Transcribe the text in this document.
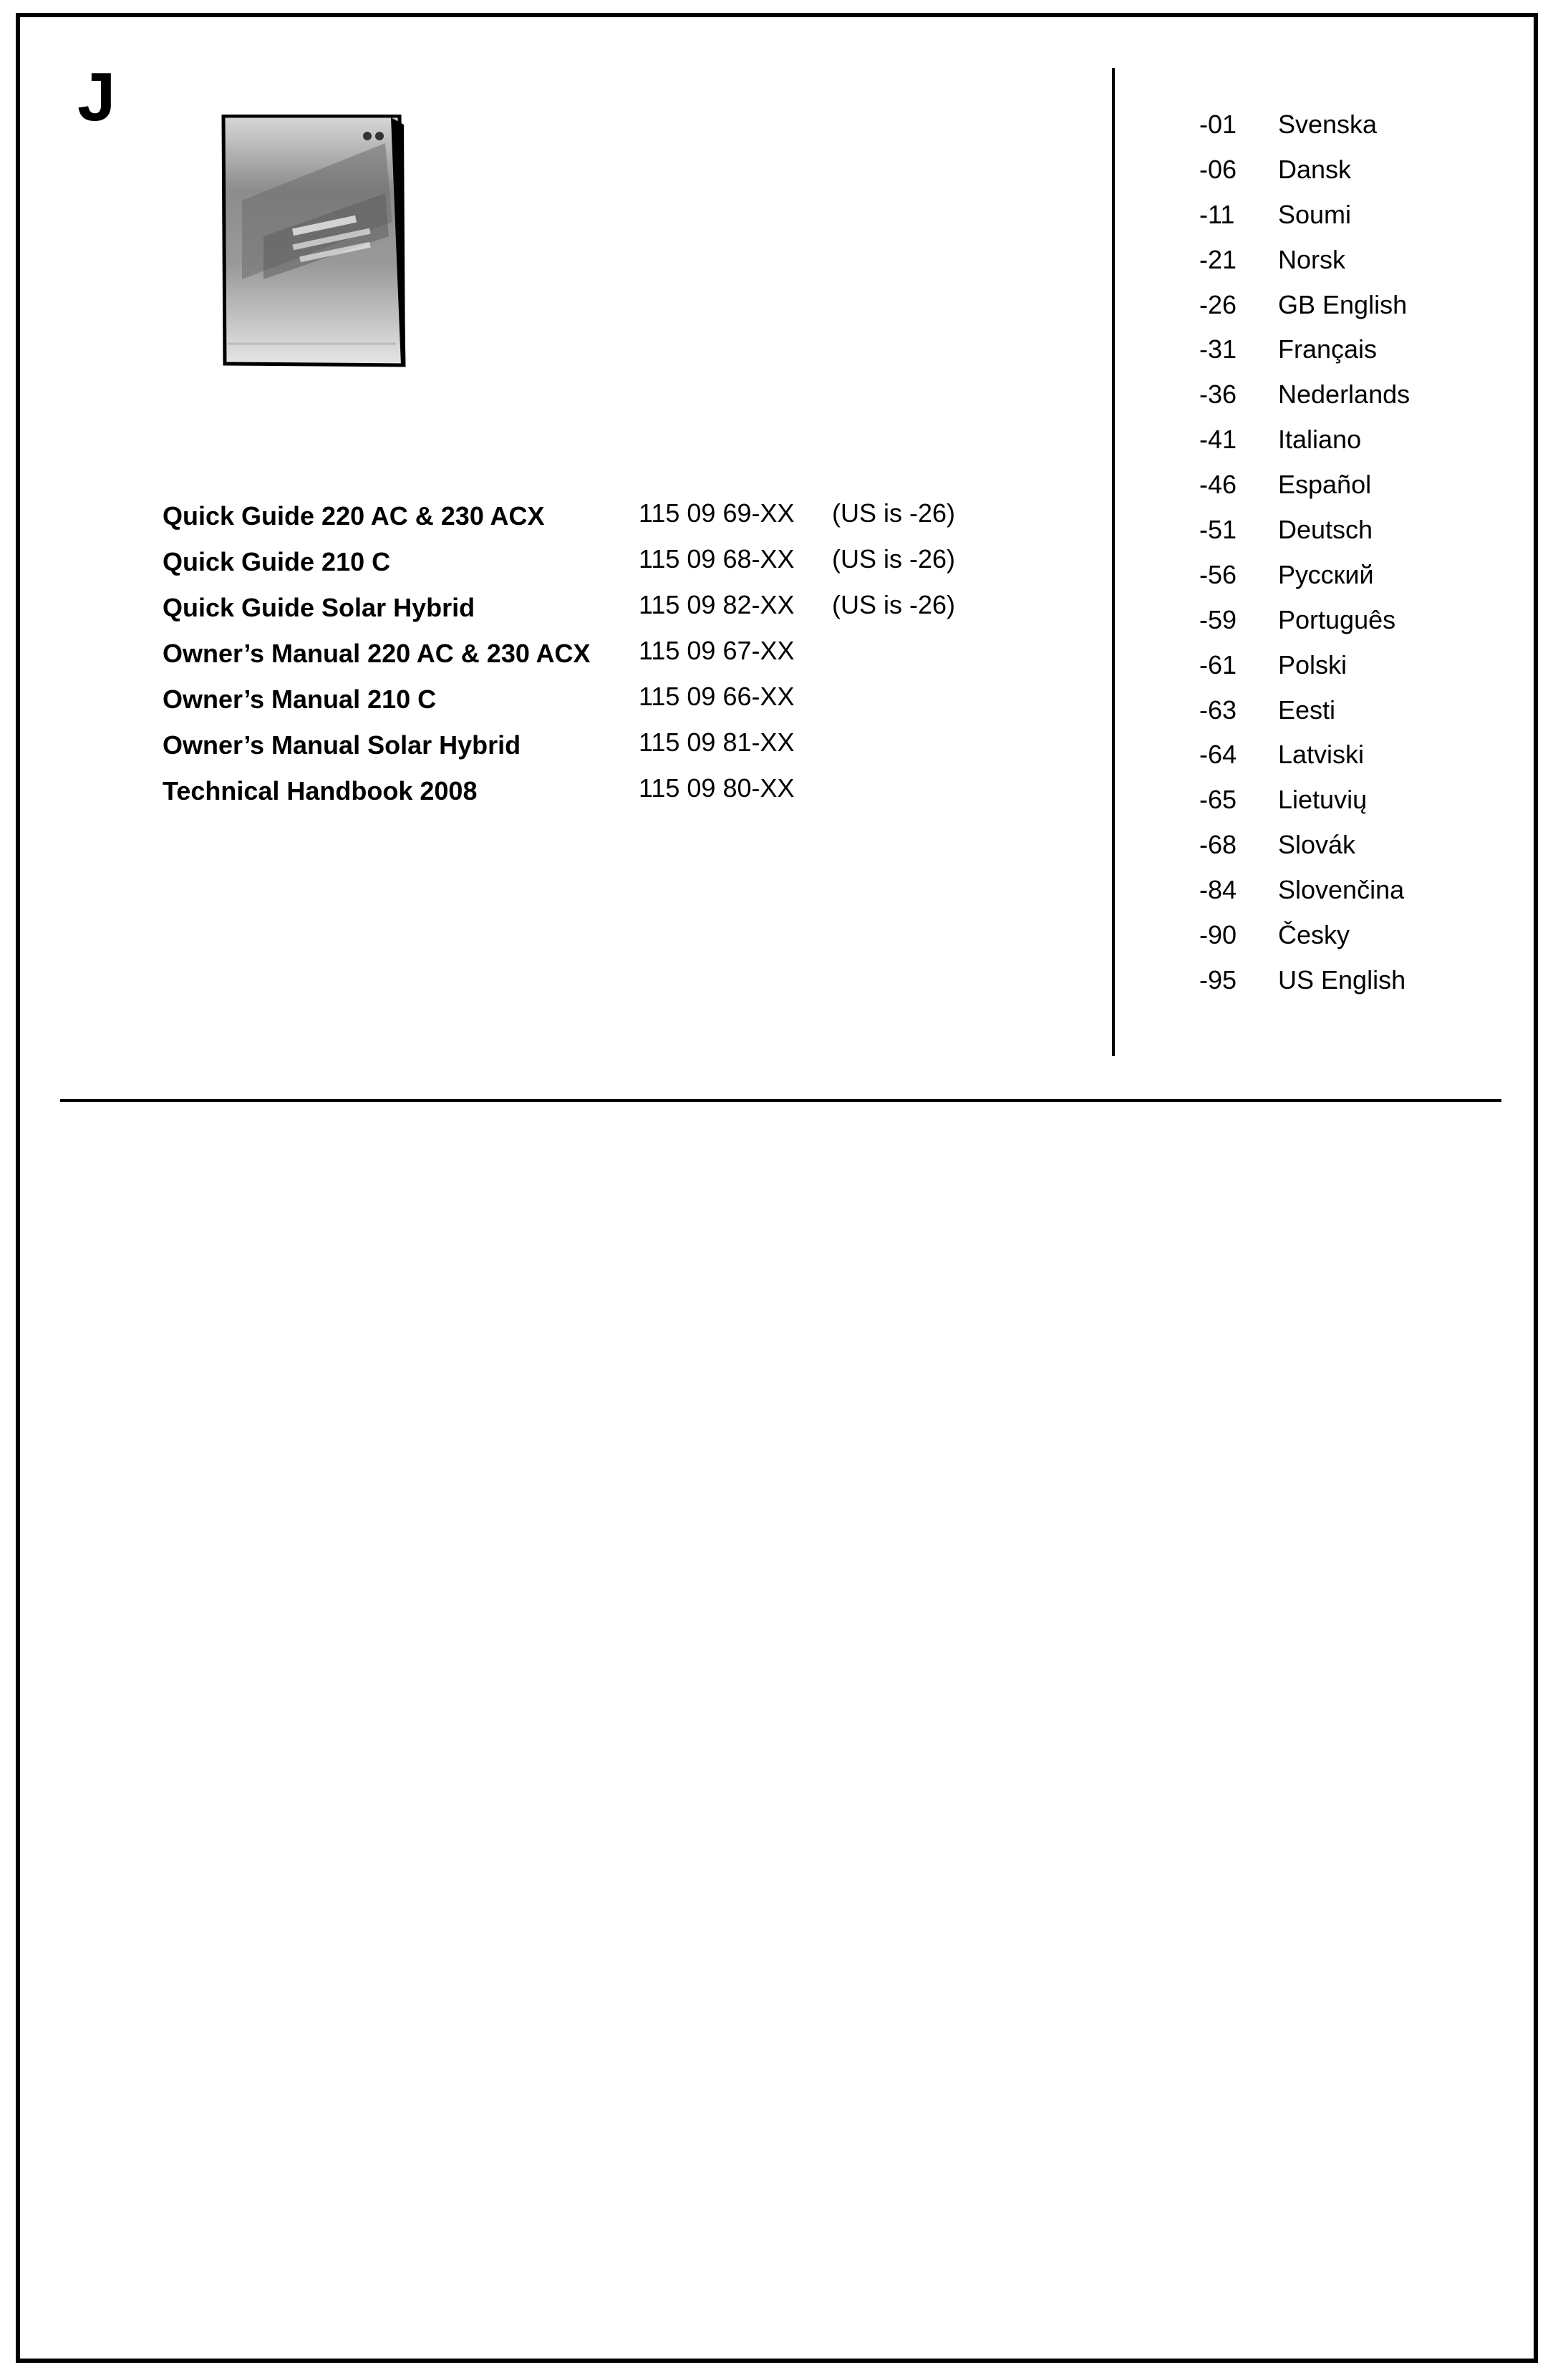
J
Quick Guide 220 AC & 230 ACX	115 09 69-XX (US is -26)
Quick Guide 210 C	115 09 68-XX (US is -26)
Quick Guide Solar Hybrid	115 09 82-XX (US is -26)
Owner’s Manual 220 AC & 230 ACX 115 09 67-XX
Owner’s Manual 210 C	115 09 66-XX
Owner’s Manual Solar Hybrid	115 09 81-XX
Technical Handbook 2008	115 09 80-XX
-01 Svenska
-06 Dansk
-11 Soumi
-21 Norsk
-26 GB English
-31 Français
-36 Nederlands
-41 Italiano
-46 Español
-51 Deutsch
-56 Русский
-59 Português
-61 Polski
-63 Eesti
-64 Latviski
-65 Lietuvių
-68 Slovák
-84 Slovenčina
-90 Česky
-95 US English
